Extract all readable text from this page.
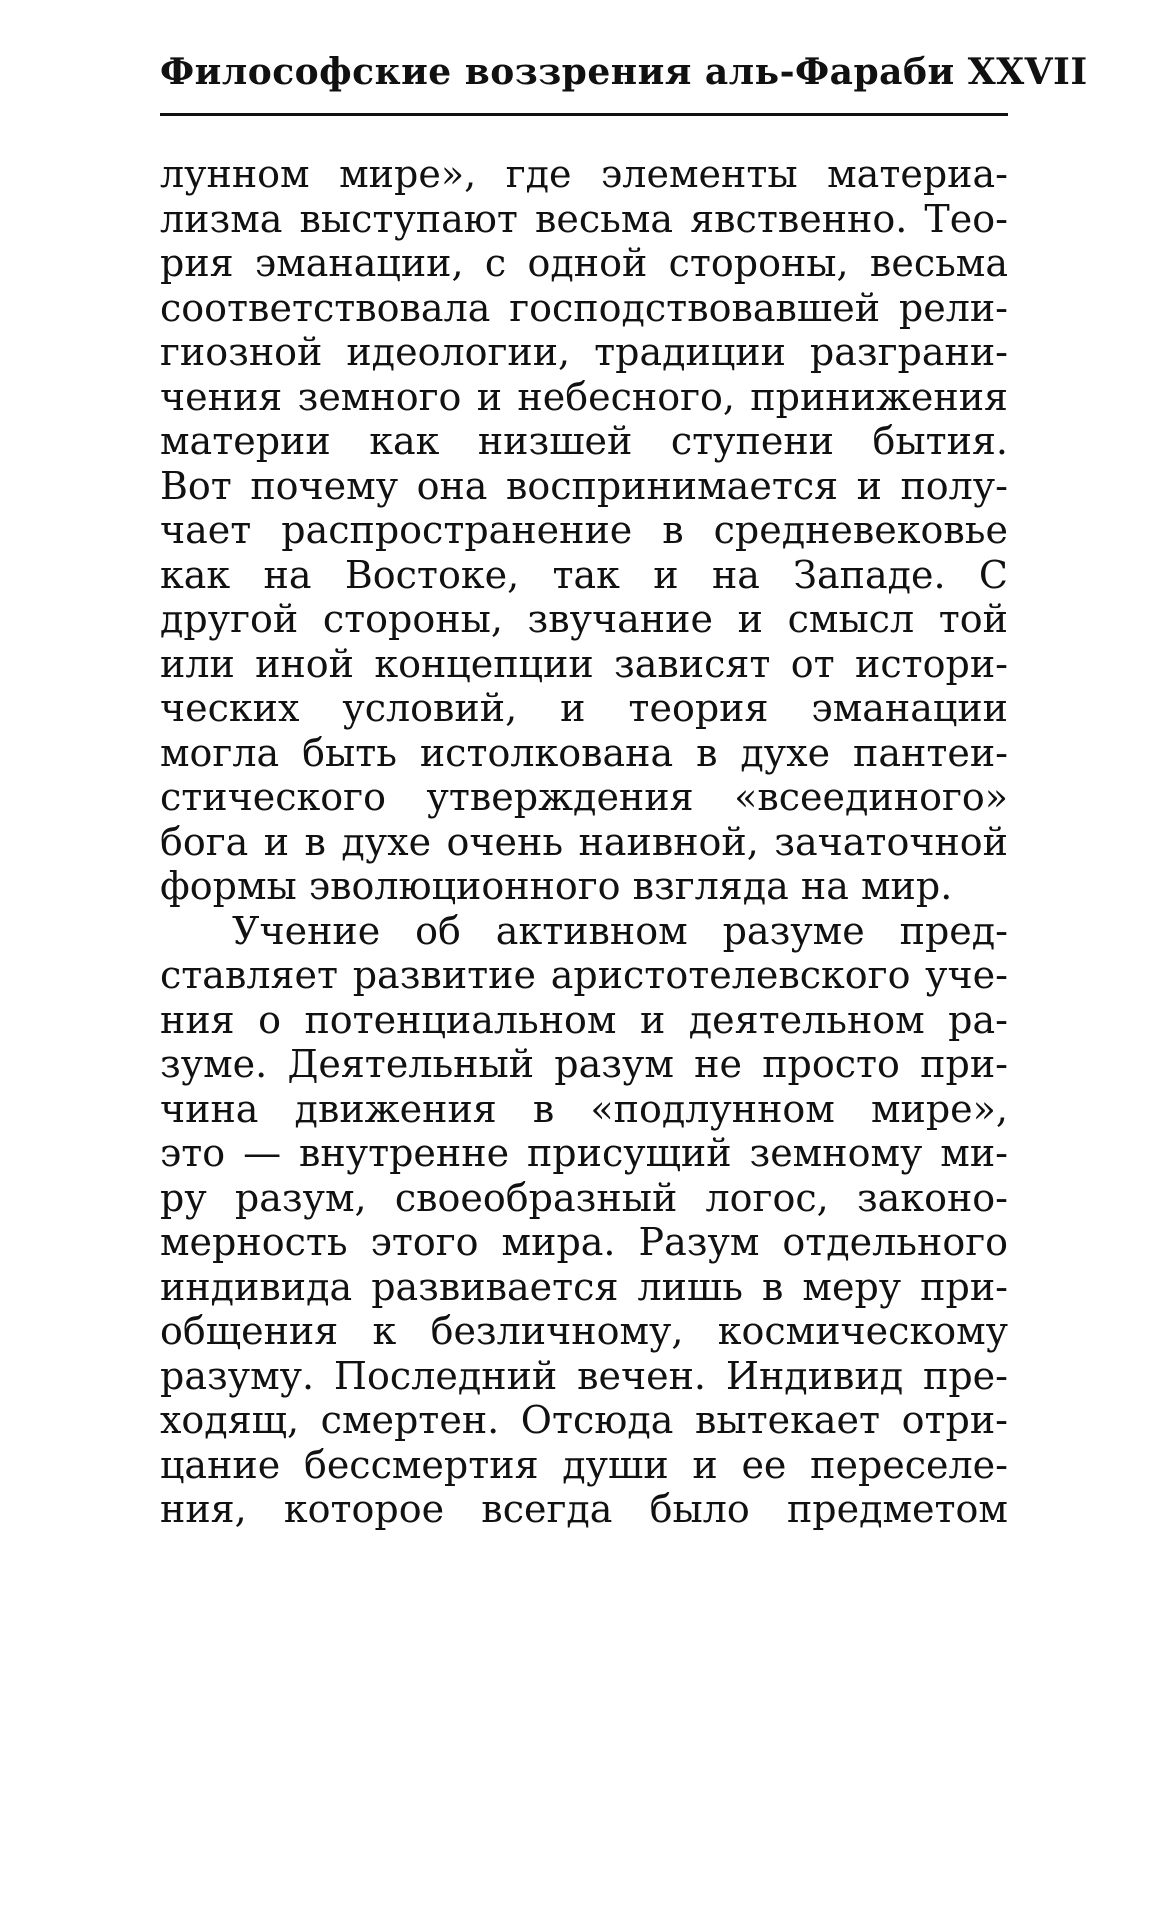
Философские воззрения аль-Фараби XXVII
лунном мире», где элементы материа-
лизма выступают весьма явственно. Тео-
рия эманации, с одной стороны, весьма
соответствовала господствовавшей рели-
гиозной идеологии, традиции разграни-
чения земного и небесного, принижения
материи как низшей ступени бытия.
Вот почему она воспринимается и полу-
чает распространение в средневековье
как на Востоке, так и на Западе. С
другой стороны, звучание и смысл той
или иной концепции зависят от истори-
ческих условий, и теория эманации
могла быть истолкована в духе пантеи-
стического утверждения «всеединого»
бога и в духе очень наивной, зачаточной
формы эволюционного взгляда на мир.
Учение об активном разуме пред-
ставляет развитие аристотелевского уче-
ния о потенциальном и деятельном ра-
зуме. Деятельный разум не просто при-
чина движения в «подлунном мире»,
это — внутренне присущий земному ми-
ру разум, своеобразный логос, законо-
мерность этого мира. Разум отдельного
индивида развивается лишь в меру при-
общения к безличному, космическому
разуму. Последний вечен. Индивид пре-
ходящ, смертен. Отсюда вытекает отри-
цание бессмертия души и ее переселе-
ния, которое всегда было предметом
